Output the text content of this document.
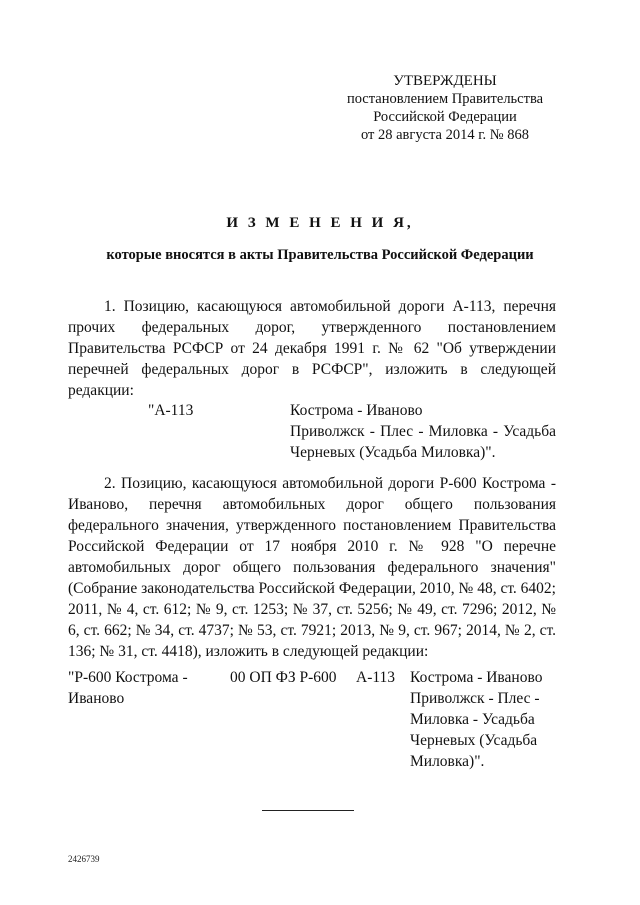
УТВЕРЖДЕНЫ
постановлением Правительства
Российской Федерации
от 28 августа 2014 г. № 868
И З М Е Н Е Н И Я,
которые вносятся в акты Правительства Российской Федерации
1. Позицию, касающуюся автомобильной дороги А-113, перечня прочих федеральных дорог, утвержденного постановлением Правительства РСФСР от 24 декабря 1991 г. № 62 "Об утверждении перечней федеральных дорог в РСФСР", изложить в следующей редакции:
"А-113	Кострома - Иваново
Приволжск - Плес - Миловка - Усадьба Черневых (Усадьба Миловка)".
2. Позицию, касающуюся автомобильной дороги Р-600 Кострома - Иваново, перечня автомобильных дорог общего пользования федерального значения, утвержденного постановлением Правительства Российской Федерации от 17 ноября 2010 г. № 928 "О перечне автомобильных дорог общего пользования федерального значения" (Собрание законодательства Российской Федерации, 2010, № 48, ст. 6402; 2011, № 4, ст. 612; № 9, ст. 1253; № 37, ст. 5256; № 49, ст. 7296; 2012, № 6, ст. 662; № 34, ст. 4737; № 53, ст. 7921; 2013, № 9, ст. 967; 2014, № 2, ст. 136; № 31, ст. 4418), изложить в следующей редакции:
"Р-600 Кострома - Иваново
00 ОП ФЗ Р-600 А-113 Кострома - Иваново
Приволжск - Плес - Миловка - Усадьба Черневых (Усадьба Миловка)".
2426739
